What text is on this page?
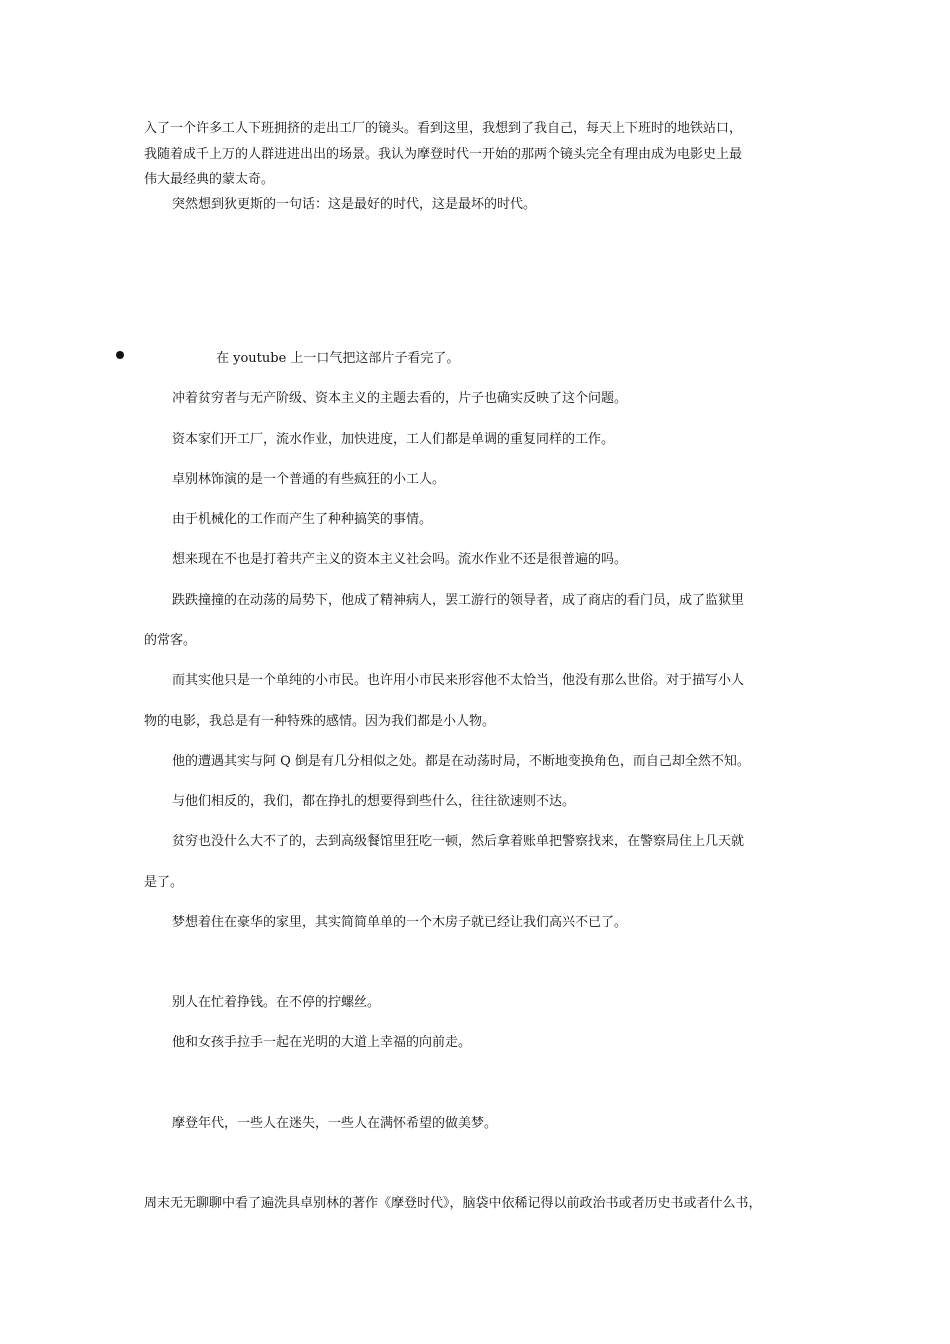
入了一个许多工人下班拥挤的走出工厂的镜头。看到这里，我想到了我自己，每天上下班时的地铁站口，
我随着成千上万的人群进进出出的场景。我认为摩登时代一开始的那两个镜头完全有理由成为电影史上最
伟大最经典的蒙太奇。
突然想到狄更斯的一句话：这是最好的时代，这是最坏的时代。
在 youtube 上一口气把这部片子看完了。
冲着贫穷者与无产阶级、资本主义的主题去看的，片子也确实反映了这个问题。
资本家们开工厂，流水作业，加快进度，工人们都是单调的重复同样的工作。
卓别林饰演的是一个普通的有些疯狂的小工人。
由于机械化的工作而产生了种种搞笑的事情。
想来现在不也是打着共产主义的资本主义社会吗。流水作业不还是很普遍的吗。
跌跌撞撞的在动荡的局势下，他成了精神病人，罢工游行的领导者，成了商店的看门员，成了监狱里
的常客。
而其实他只是一个单纯的小市民。也许用小市民来形容他不太恰当，他没有那么世俗。对于描写小人
物的电影，我总是有一种特殊的感情。因为我们都是小人物。
他的遭遇其实与阿 Q 倒是有几分相似之处。都是在动荡时局，不断地变换角色，而自己却全然不知。
与他们相反的，我们，都在挣扎的想要得到些什么，往往欲速则不达。
贫穷也没什么大不了的，去到高级餐馆里狂吃一顿，然后拿着账单把警察找来，在警察局住上几天就
是了。
梦想着住在豪华的家里，其实简简单单的一个木房子就已经让我们高兴不已了。
别人在忙着挣钱。在不停的拧螺丝。
他和女孩手拉手一起在光明的大道上幸福的向前走。
摩登年代，一些人在迷失，一些人在满怀希望的做美梦。
周末无无聊聊中看了遍洗具卓别林的著作《摩登时代》，脑袋中依稀记得以前政治书或者历史书或者什么书，
